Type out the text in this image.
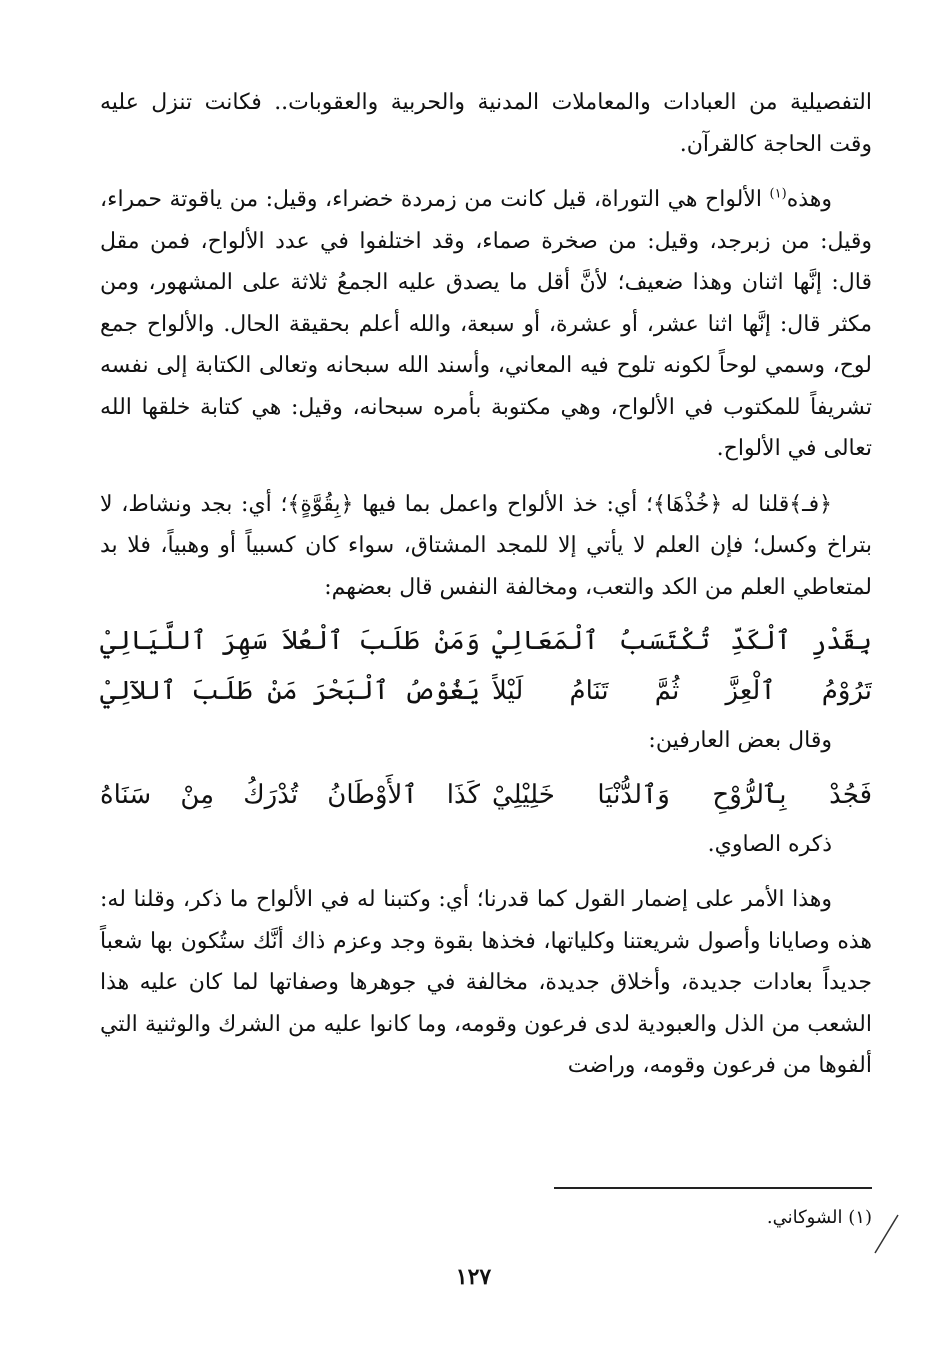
التفصيلية من العبادات والمعاملات المدنية والحربية والعقوبات.. فكانت تنزل عليه وقت الحاجة كالقرآن.

وهذه$^{(١)}$ الألواح هي التوراة، قيل كانت من زمردة خضراء، وقيل: من ياقوتة حمراء، وقيل: من زبرجد، وقيل: من صخرة صماء، وقد اختلفوا في عدد الألواح، فمن مقل قال: إنَّها اثنان وهذا ضعيف؛ لأنَّ أقل ما يصدق عليه الجمعُ ثلاثة على المشهور، ومن مكثر قال: إنَّها اثنا عشر، أو عشرة، أو سبعة، والله أعلم بحقيقة الحال. والألواح جمع لوح، وسمي لوحاً لكونه تلوح فيه المعاني، وأسند الله سبحانه وتعالى الكتابة إلى نفسه تشريفاً للمكتوب في الألواح، وهي مكتوبة بأمره سبحانه، وقيل: هي كتابة خلقها الله تعالى في الألواح.

﴿فـ﴾قلنا له ﴿خُذْهَا﴾؛ أي: خذ الألواح واعمل بما فيها ﴿بِقُوَّةٍ﴾؛ أي: بجد ونشاط، لا بتراخ وكسل؛ فإن العلم لا يأتي إلا للمجد المشتاق، سواء كان كسبياً أو وهبياً، فلا بد لمتعاطي العلم من الكد والتعب، ومخالفة النفس قال بعضهم:

بِقَدْرِ ٱلْكَدِّ تُكْتَسَبُ ٱلْمَعَالِيْ
وَمَنْ طَلَبَ ٱلْعُلاَ سَهِرَ ٱللَّيَالِيْ
تَرُوْمُ ٱلْعِزَّ ثُمَّ تَنَامُ لَيْلاً
يَغُوْصُ ٱلْبَحْرَ مَنْ طَلَبَ ٱللآلِيْ

وقال بعض العارفين:

فَجُدْ بِٱلرُّوْحِ وَٱلدُّنْيَا خَلِيْلِيْ
كَذَا ٱلأَوْطَانُ تُدْرَكُ مِنْ سَنَاهُ

ذكره الصاوي.

وهذا الأمر على إضمار القول كما قدرنا؛ أي: وكتبنا له في الألواح ما ذكر، وقلنا له: هذه وصايانا وأصول شريعتنا وكلياتها، فخذها بقوة وجد وعزم ذاك أنَّك ستُكون بها شعباً جديداً بعادات جديدة، وأخلاق جديدة، مخالفة في جوهرها وصفاتها لما كان عليه هذا الشعب من الذل والعبودية لدى فرعون وقومه، وما كانوا عليه من الشرك والوثنية التي ألفوها من فرعون وقومه، وراضت

(١) الشوكاني.
١٢٧
